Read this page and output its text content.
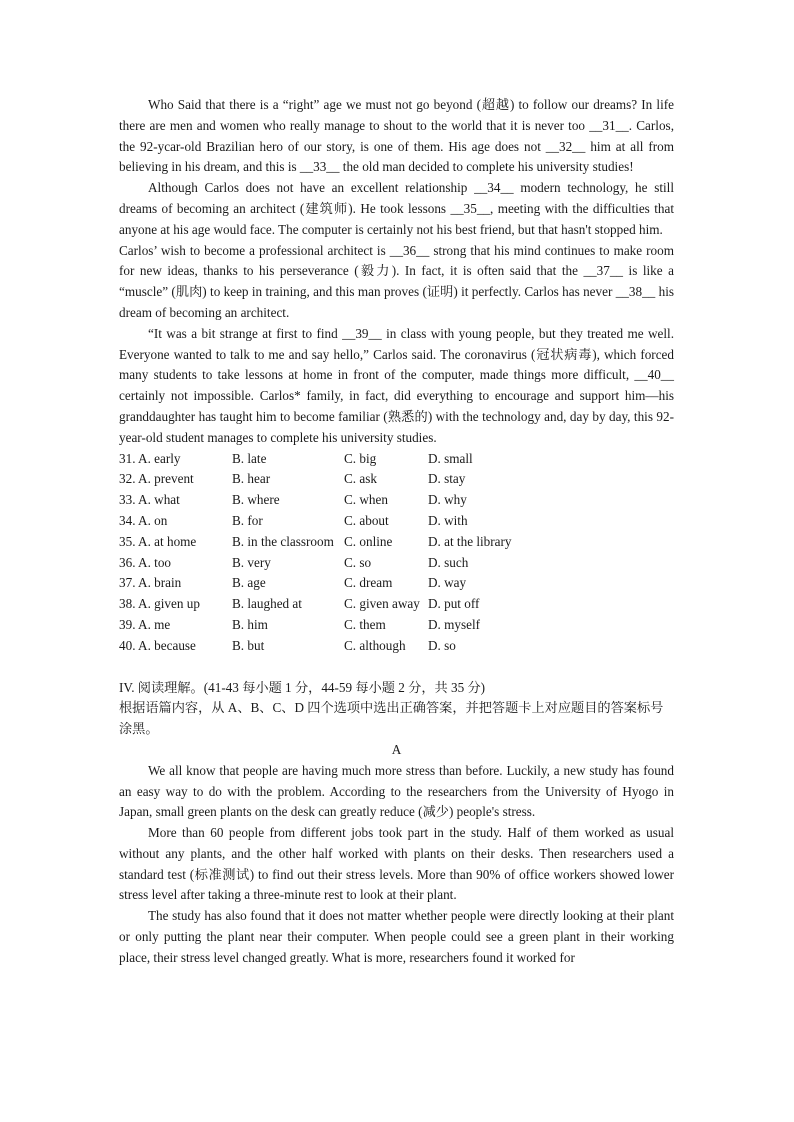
Who Said that there is a “right” age we must not go beyond (超越) to follow our dreams? In life there are men and women who really manage to shout to the world that it is never too __31__. Carlos, the 92-ycar-old Brazilian hero of our story, is one of them. His age does not __32__ him at all from believing in his dream, and this is __33__ the old man decided to complete his university studies!

Although Carlos does not have an excellent relationship __34__ modern technology, he still dreams of becoming an architect (建筑师). He took lessons __35__, meeting with the difficulties that anyone at his age would face. The computer is certainly not his best friend, but that hasn't stopped him.

Carlos’ wish to become a professional architect is __36__ strong that his mind continues to make room for new ideas, thanks to his perseverance (毅力). In fact, it is often said that the __37__ is like a “muscle” (肌肉) to keep in training, and this man proves (证明) it perfectly. Carlos has never __38__ his dream of becoming an architect.

“It was a bit strange at first to find __39__ in class with young people, but they treated me well. Everyone wanted to talk to me and say hello,” Carlos said. The coronavirus (冠状病毒), which forced many students to take lessons at home in front of the computer, made things more difficult, __40__ certainly not impossible. Carlos* family, in fact, did everything to encourage and support him—his granddaughter has taught him to become familiar (熟悉的) with the technology and, day by day, this 92-year-old student manages to complete his university studies.

31. A. early	B. late	C. big	D. small
32. A. prevent	B. hear	C. ask	D. stay
33. A. what	B. where	C. when	D. why
34. A. on	B. for	C. about	D. with
35. A. at home	B. in the classroom C. online	D. at the library
36. A. too	B. very	C. so	D. such
37. A. brain	B. age	C. dream	D. way
38. A. given up	B. laughed at	C. given away D. put off
39. A. me	B. him	C. them	D. myself
40. A. because	B. but	C. although	D. so

IV. 阅读理解。(41-43 每小题 1 分，44-59 每小题 2 分，共 35 分)

根据语篇内容，从 A、B、C、D 四个选项中选出正确答案，并把答题卡上对应题目的答案标号涂黑。

A

We all know that people are having much more stress than before. Luckily, a new study has found an easy way to do with the problem. According to the researchers from the University of Hyogo in Japan, small green plants on the desk can greatly reduce (减少) people's stress.

More than 60 people from different jobs took part in the study. Half of them worked as usual without any plants, and the other half worked with plants on their desks. Then researchers used a standard test (标准测试) to find out their stress levels. More than 90% of office workers showed lower stress level after taking a three-minute rest to look at their plant.

The study has also found that it does not matter whether people were directly looking at their plant or only putting the plant near their computer. When people could see a green plant in their working place, their stress level changed greatly. What is more, researchers found it worked for
